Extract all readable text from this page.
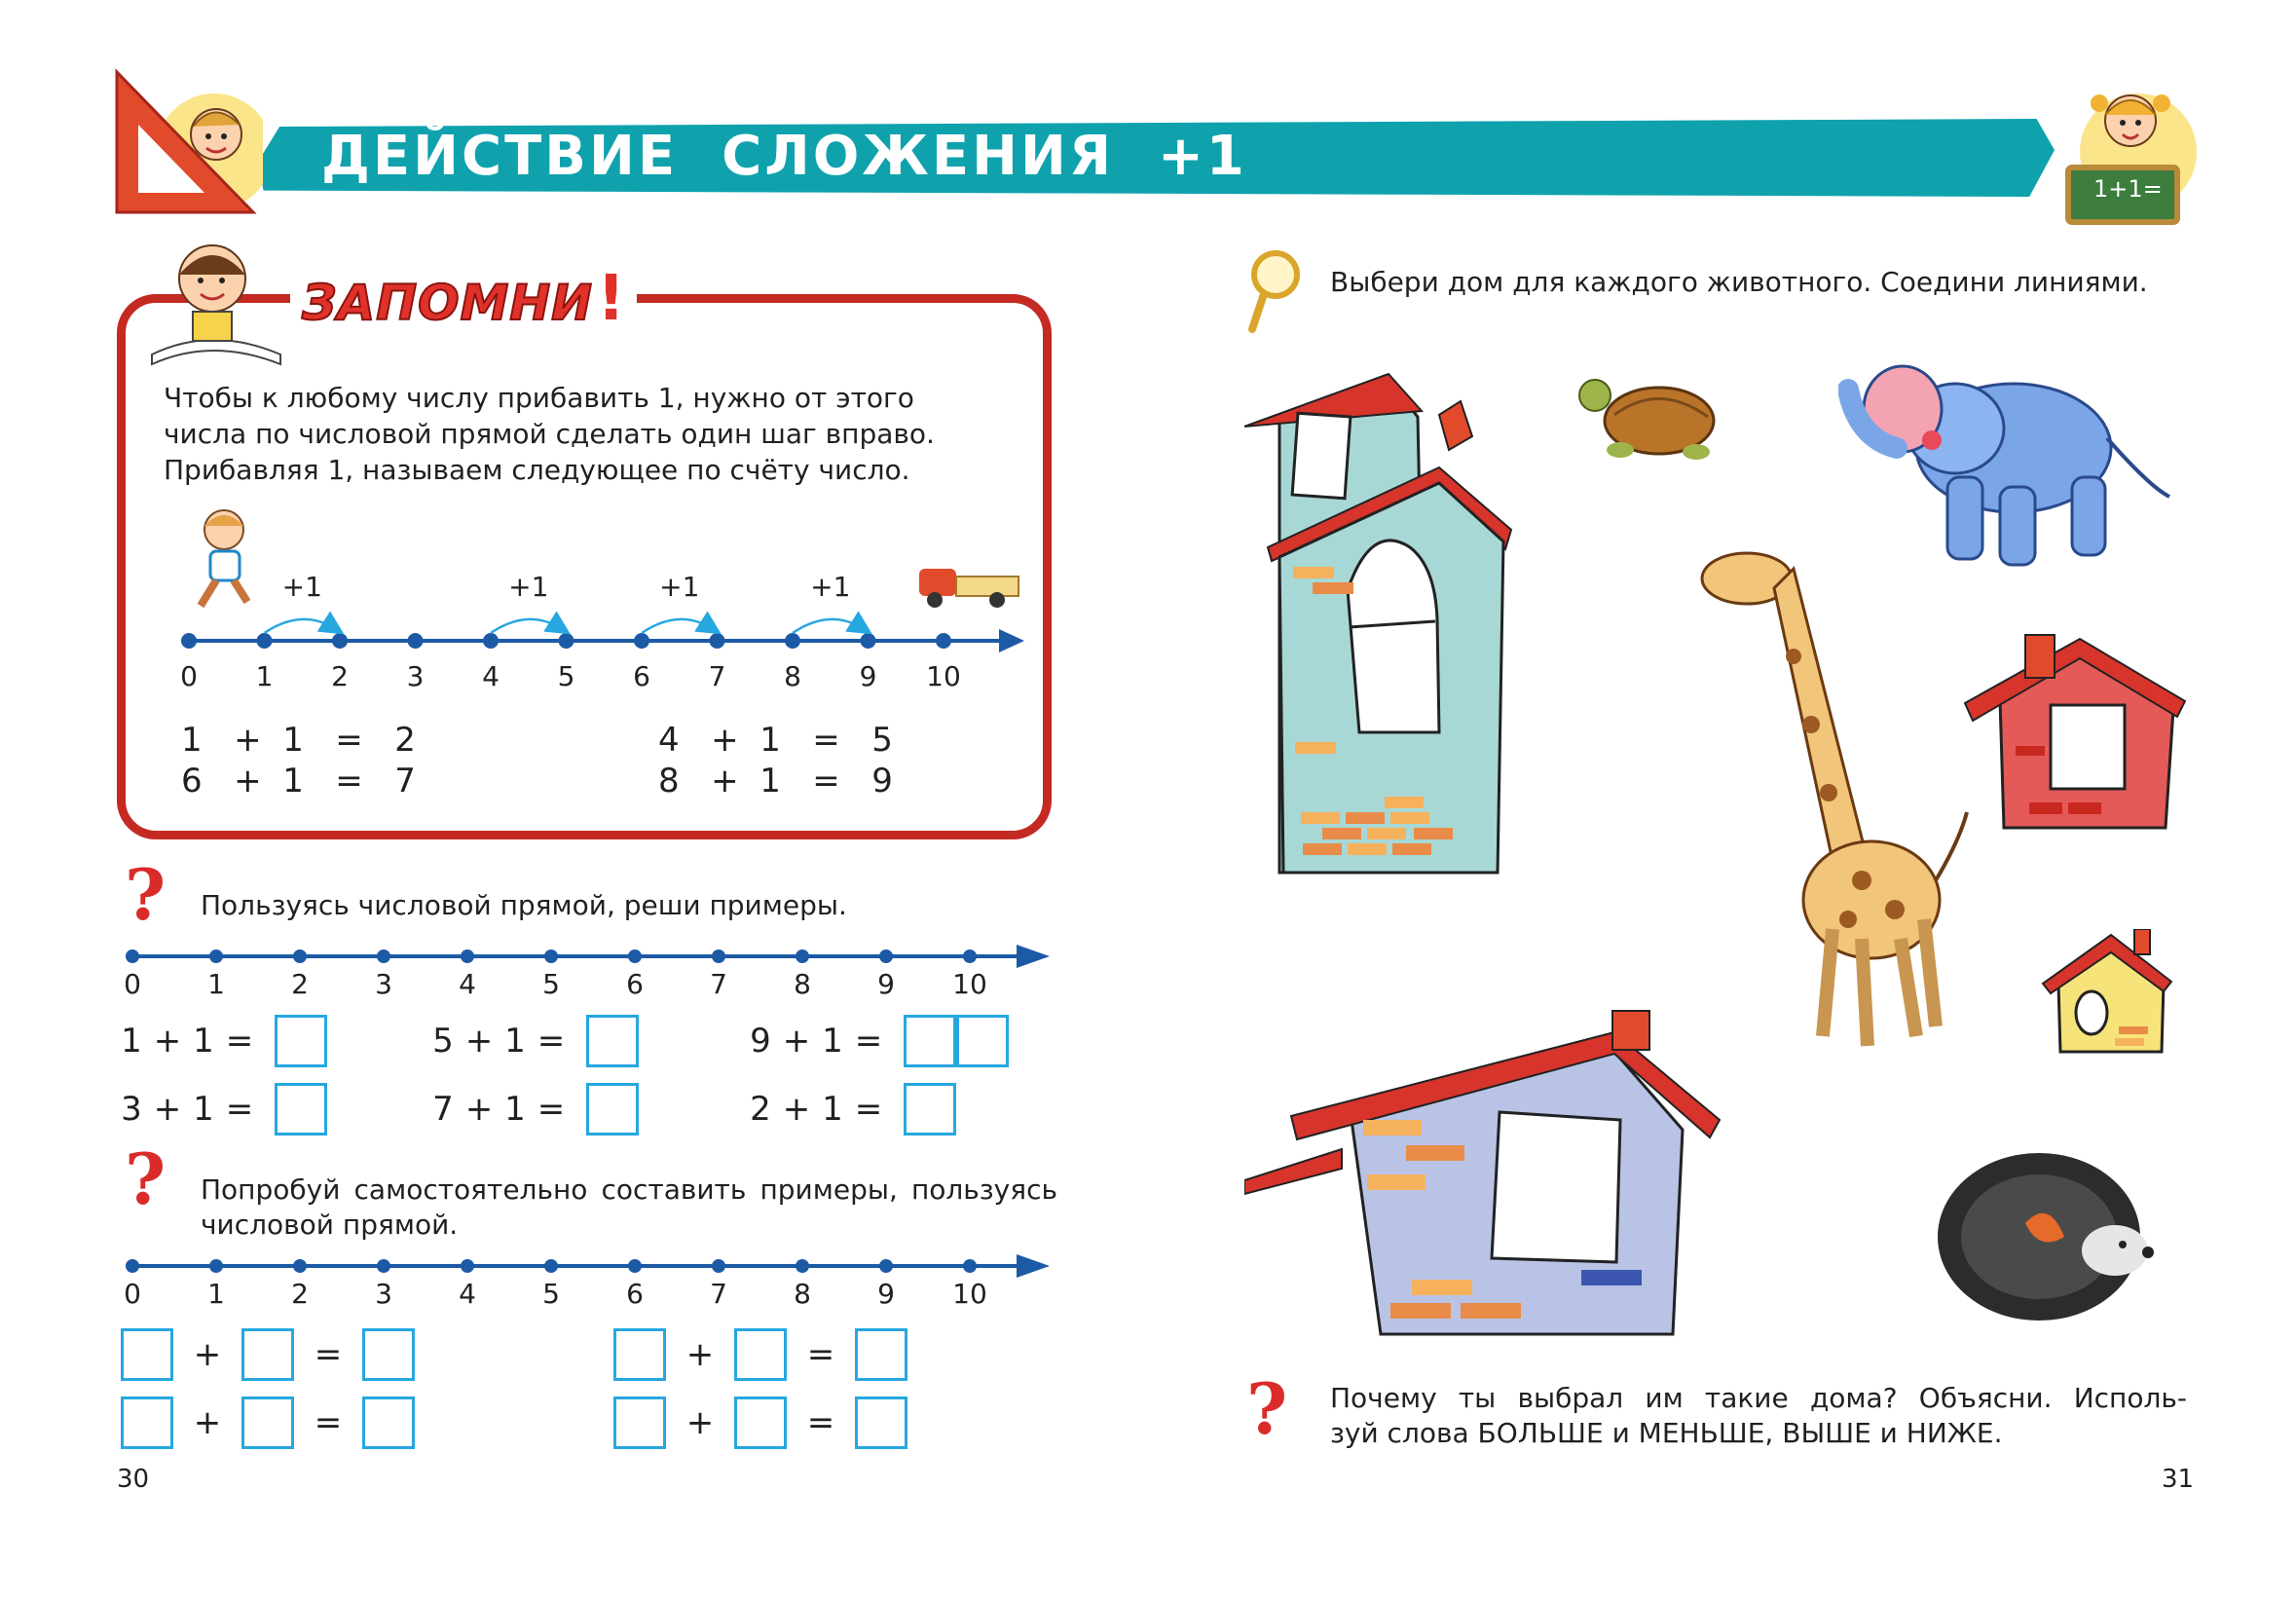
ДЕЙСТВИЕ  СЛОЖЕНИЯ  +1
1+1=
ЗАПОМНИ!
Чтобы к любому числу прибавить 1, нужно от этого
числа по числовой прямой сделать один шаг вправо.
Прибавляя 1, называем следующее по счёту число.
0 1 2 3 4 5 6 7 8 9 10
+1	+1	+1	+1
1 + 1 = 2	4 + 1 = 5
6 + 1 = 7	8 + 1 = 9
? Пользуясь числовой прямой, реши примеры.
0 1 2 3 4 5 6 7 8 9 10
1 + 1 =	5 + 1 =	9 + 1 =
3 + 1 =	7 + 1 =	2 + 1 =
? Попробуй самостоятельно составить примеры, пользуясь
числовой прямой.
0 1 2 3 4 5 6 7 8 9 10
+	=	+	=
+	=	+	=
30
Выбери дом для каждого животного. Соедини линиями.
? Почему ты выбрал им такие дома? Объясни. Исполь-
зуй слова БОЛЬШЕ и МЕНЬШЕ, ВЫШЕ и НИЖЕ.
31
